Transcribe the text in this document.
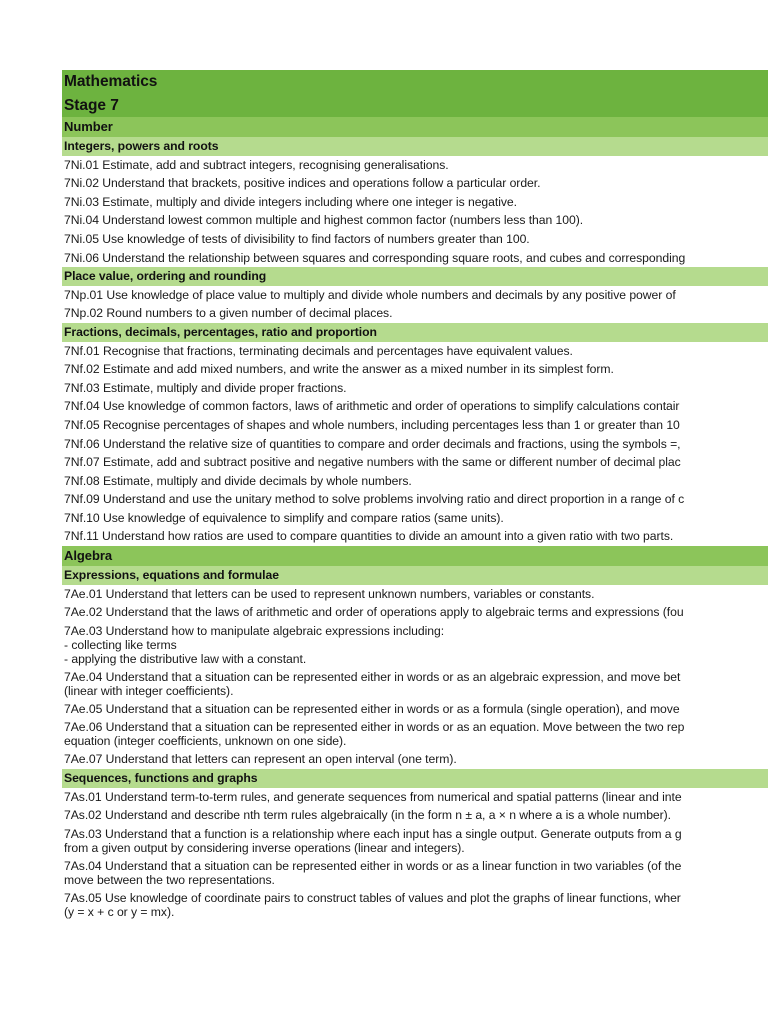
Mathematics
Stage 7
Number
Integers, powers and roots
7Ni.01 Estimate, add and subtract integers, recognising generalisations.
7Ni.02 Understand that brackets, positive indices and operations follow a particular order.
7Ni.03 Estimate, multiply and divide integers including where one integer is negative.
7Ni.04 Understand lowest common multiple and highest common factor (numbers less than 100).
7Ni.05 Use knowledge of tests of divisibility to find factors of numbers greater than 100.
7Ni.06 Understand the relationship between squares and corresponding square roots, and cubes and corresponding
Place value, ordering and rounding
7Np.01 Use knowledge of place value to multiply and divide whole numbers and decimals by any positive power of
7Np.02 Round numbers to a given number of decimal places.
Fractions, decimals, percentages, ratio and proportion
7Nf.01 Recognise that fractions, terminating decimals and percentages have equivalent values.
7Nf.02 Estimate and add mixed numbers, and write the answer as a mixed number in its simplest form.
7Nf.03 Estimate, multiply and divide proper fractions.
7Nf.04 Use knowledge of common factors, laws of arithmetic and order of operations to simplify calculations contair
7Nf.05 Recognise percentages of shapes and whole numbers, including percentages less than 1 or greater than 10
7Nf.06 Understand the relative size of quantities to compare and order decimals and fractions, using the symbols =,
7Nf.07 Estimate, add and subtract positive and negative numbers with the same or different number of decimal plac
7Nf.08 Estimate, multiply and divide decimals by whole numbers.
7Nf.09 Understand and use the unitary method to solve problems involving ratio and direct proportion in a range of c
7Nf.10 Use knowledge of equivalence to simplify and compare ratios (same units).
7Nf.11 Understand how ratios are used to compare quantities to divide an amount into a given ratio with two parts.
Algebra
Expressions, equations and formulae
7Ae.01 Understand that letters can be used to represent unknown numbers, variables or constants.
7Ae.02 Understand that the laws of arithmetic and order of operations apply to algebraic terms and expressions (fou
7Ae.03 Understand how to manipulate algebraic expressions including:
- collecting like terms
- applying the distributive law with a constant.
7Ae.04 Understand that a situation can be represented either in words or as an algebraic expression, and move bet
(linear with integer coefficients).
7Ae.05 Understand that a situation can be represented either in words or as a formula (single operation), and move
7Ae.06 Understand that a situation can be represented either in words or as an equation. Move between the two rep
equation (integer coefficients, unknown on one side).
7Ae.07 Understand that letters can represent an open interval (one term).
Sequences, functions and graphs
7As.01 Understand term-to-term rules, and generate sequences from numerical and spatial patterns (linear and inte
7As.02 Understand and describe nth term rules algebraically (in the form n ± a, a × n where a is a whole number).
7As.03 Understand that a function is a relationship where each input has a single output. Generate outputs from a g
from a given output by considering inverse operations (linear and integers).
7As.04 Understand that a situation can be represented either in words or as a linear function in two variables (of the
move between the two representations.
7As.05 Use knowledge of coordinate pairs to construct tables of values and plot the graphs of linear functions, wher
(y = x + c or y = mx).
